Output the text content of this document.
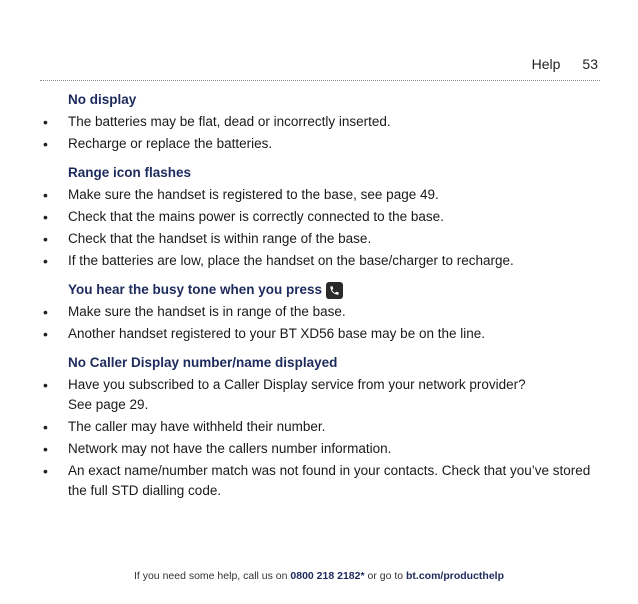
Help 53
No display
• The batteries may be flat, dead or incorrectly inserted.
• Recharge or replace the batteries.
Range icon flashes
• Make sure the handset is registered to the base, see page 49.
• Check that the mains power is correctly connected to the base.
• Check that the handset is within range of the base.
• If the batteries are low, place the handset on the base/charger to recharge.
You hear the busy tone when you press
• Make sure the handset is in range of the base.
• Another handset registered to your BT XD56 base may be on the line.
No Caller Display number/name displayed
• Have you subscribed to a Caller Display service from your network provider?
See page 29.
• The caller may have withheld their number.
• Network may not have the callers number information.
• An exact name/number match was not found in your contacts. Check that you’ve stored the full STD dialling code.
If you need some help, call us on 0800 218 2182* or go to bt.com/producthelp
